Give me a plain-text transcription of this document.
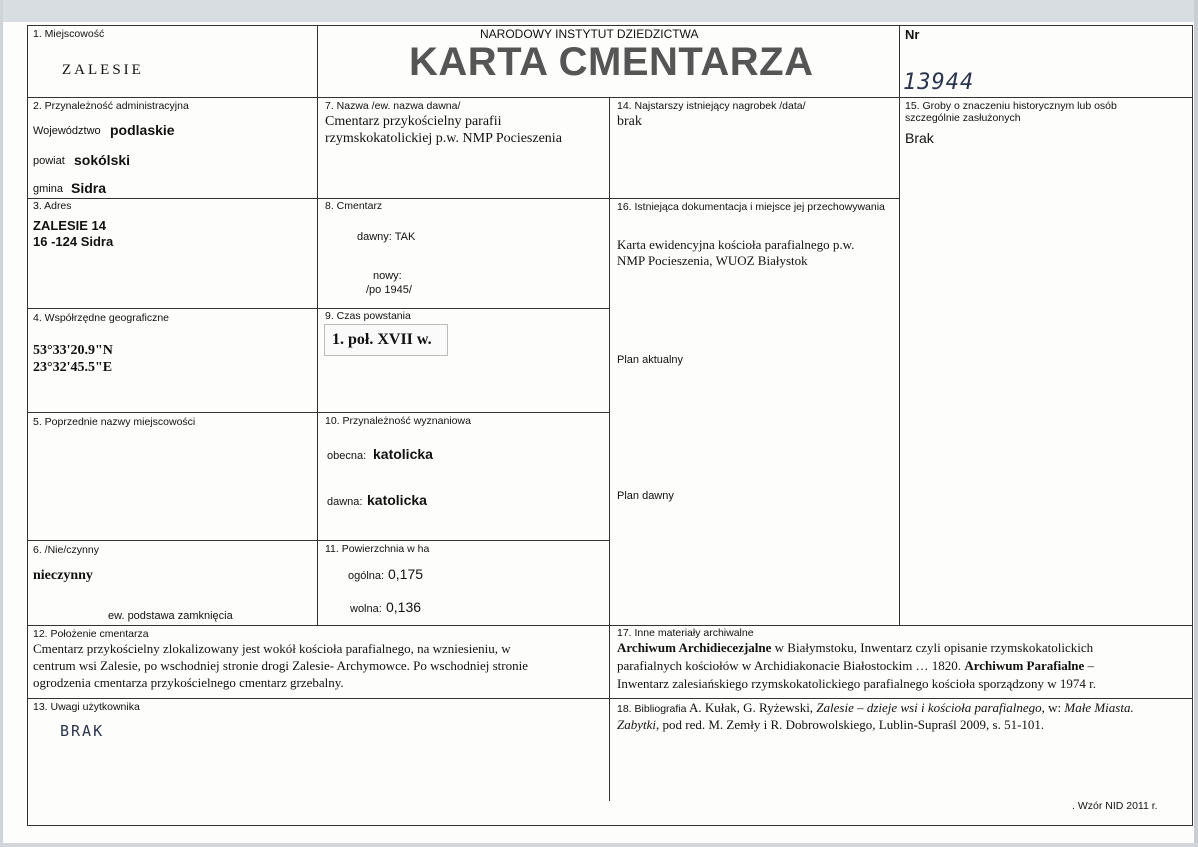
1. Miejscowość
ZALESIE
NARODOWY INSTYTUT DZIEDZICTWA
KARTA CMENTARZA
Nr
13944
2. Przynależność administracyjna
Województwo podlaskie
powiat sokólski
gmina Sidra
3. Adres
ZALESIE 14
16 -124 Sidra
4. Współrzędne geograficzne
53°33'20.9"N
23°32'45.5"E
5. Poprzednie nazwy miejscowości
6. /Nie/czynny
nieczynny
ew. podstawa zamknięcia
7. Nazwa /ew. nazwa dawna/
Cmentarz przykościelny parafii
rzymskokatolickiej p.w. NMP Pocieszenia
8. Cmentarz
dawny: TAK
nowy:
/po 1945/
9. Czas powstania
1. poł. XVII w.
10. Przynależność wyznaniowa
obecna: katolicka
dawna: katolicka
11. Powierzchnia w ha
ogólna: 0,175
wolna: 0,136
14. Najstarszy istniejący nagrobek /data/
brak
15. Groby o znaczeniu historycznym lub osób szczególnie zasłużonych
Brak
16. Istniejąca dokumentacja i miejsce jej przechowywania
Karta ewidencyjna kościoła parafialnego p.w.
NMP Pocieszenia, WUOZ Białystok
Plan aktualny
Plan dawny
12. Położenie cmentarza
Cmentarz przykościelny zlokalizowany jest wokół kościoła parafialnego, na wzniesieniu, w
centrum wsi Zalesie, po wschodniej stronie drogi Zalesie- Archymowce. Po wschodniej stronie
ogrodzenia cmentarza przykościelnego cmentarz grzebalny.
17. Inne materiały archiwalne
Archiwum Archidiecezjalne w Białymstoku, Inwentarz czyli opisanie rzymskokatolickich
parafialnych kościołów w Archidiakonacie Białostockim … 1820. Archiwum Parafialne –
Inwentarz zalesiańskiego rzymskokatolickiego parafialnego kościoła sporządzony w 1974 r.
13. Uwagi użytkownika
BRAK
18. Bibliografia A. Kułak, G. Ryżewski, Zalesie – dzieje wsi i kościoła parafialnego, w: Małe Miasta.
Zabytki, pod red. M. Zemły i R. Dobrowolskiego, Lublin-Supraśl 2009, s. 51-101.
. Wzór NID 2011 r.
